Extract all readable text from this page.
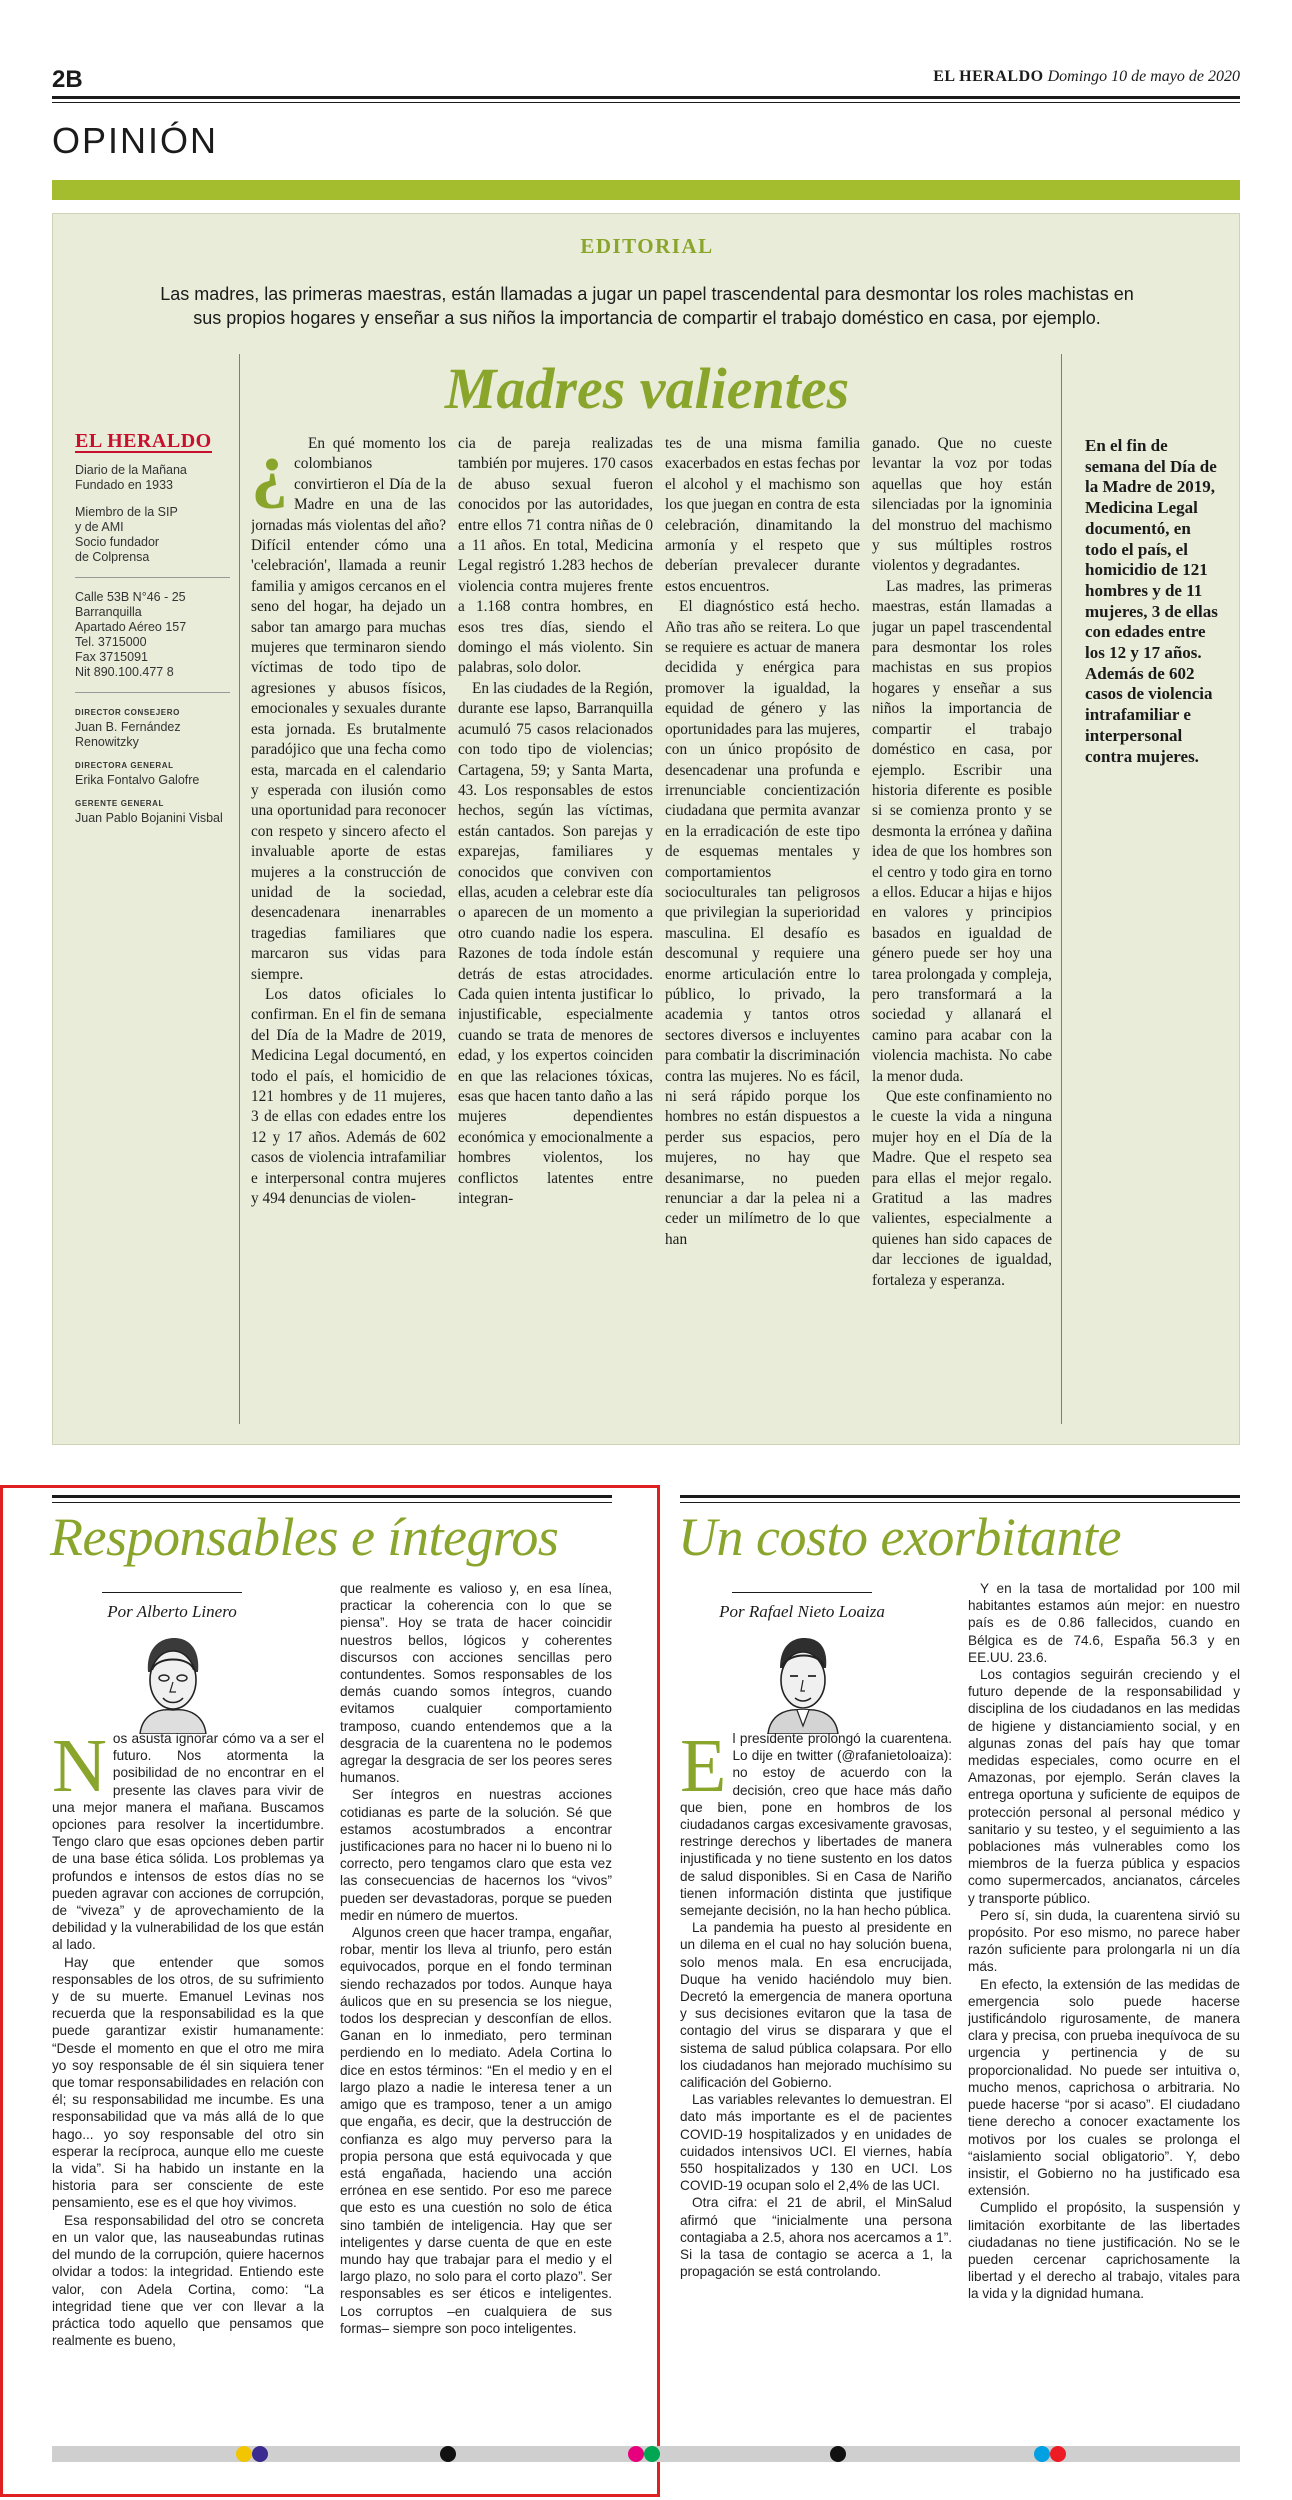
2B	EL HERALDO Domingo 10 de mayo de 2020
OPINIÓN
EDITORIAL
Las madres, las primeras maestras, están llamadas a jugar un papel trascendental para desmontar los roles machistas en sus propios hogares y enseñar a sus niños la importancia de compartir el trabajo doméstico en casa, por ejemplo.
Madres valientes
EL HERALDO
Diario de la Mañana
Fundado en 1933
Miembro de la SIP
y de AMI
Socio fundador
de Colprensa
Calle 53B N°46 - 25
Barranquilla
Apartado Aéreo 157
Tel. 3715000
Fax 3715091
Nit 890.100.477 8
DIRECTOR CONSEJERO
Juan B. Fernández
Renowitzky
DIRECTORA GENERAL
Erika Fontalvo Galofre
GERENTE GENERAL
Juan Pablo Bojanini Visbal
¿	En qué momento los colombianos convirtieron el Día de la Madre en una de las jornadas más violentas del año? Difícil entender cómo una 'celebración', llamada a reunir familia y amigos cercanos en el seno del hogar, ha dejado un sabor tan amargo para muchas mujeres que terminaron siendo víctimas de todo tipo de agresiones y abusos físicos, emocionales y sexuales durante esta jornada. Es brutalmente paradójico que una fecha como esta, marcada en el calendario y esperada con ilusión como una oportunidad para reconocer con respeto y sincero afecto el invaluable aporte de estas mujeres a la construcción de unidad de la sociedad, desencadenara inenarrables tragedias familiares que marcaron sus vidas para siempre.
Los datos oficiales lo confirman. En el fin de semana del Día de la Madre de 2019, Medicina Legal documentó, en todo el país, el homicidio de 121 hombres y de 11 mujeres, 3 de ellas con edades entre los 12 y 17 años. Además de 602 casos de violencia intrafamiliar e interpersonal contra mujeres y 494 denuncias de violen-
cia de pareja realizadas también por mujeres. 170 casos de abuso sexual fueron conocidos por las autoridades, entre ellos 71 contra niñas de 0 a 11 años. En total, Medicina Legal registró 1.283 hechos de violencia contra mujeres frente a 1.168 contra hombres, en esos tres días, siendo el domingo el más violento. Sin palabras, solo dolor.
En las ciudades de la Región, durante ese lapso, Barranquilla acumuló 75 casos relacionados con todo tipo de violencias; Cartagena, 59; y Santa Marta, 43. Los responsables de estos hechos, según las víctimas, están cantados. Son parejas y exparejas, familiares y conocidos que conviven con ellas, acuden a celebrar este día o aparecen de un momento a otro cuando nadie los espera. Razones de toda índole están detrás de estas atrocidades. Cada quien intenta justificar lo injustificable, especialmente cuando se trata de menores de edad, y los expertos coinciden en que las relaciones tóxicas, esas que hacen tanto daño a las mujeres dependientes económica y emocionalmente a hombres violentos, los conflictos latentes entre integran-
tes de una misma familia exacerbados en estas fechas por el alcohol y el machismo son los que juegan en contra de esta celebración, dinamitando la armonía y el respeto que deberían prevalecer durante estos encuentros.
El diagnóstico está hecho. Año tras año se reitera. Lo que se requiere es actuar de manera decidida y enérgica para promover la igualdad, la equidad de género y las oportunidades para las mujeres, con un único propósito de desencadenar una profunda e irrenunciable concientización ciudadana que permita avanzar en la erradicación de este tipo de esquemas mentales y comportamientos socioculturales tan peligrosos que privilegian la superioridad masculina. El desafío es descomunal y requiere una enorme articulación entre lo público, lo privado, la academia y tantos otros sectores diversos e incluyentes para combatir la discriminación contra las mujeres. No es fácil, ni será rápido porque los hombres no están dispuestos a perder sus espacios, pero mujeres, no hay que desanimarse, no pueden renunciar a dar la pelea ni a ceder un milímetro de lo que han
ganado. Que no cueste levantar la voz por todas aquellas que hoy están silenciadas por la ignominia del monstruo del machismo y sus múltiples rostros violentos y degradantes.
Las madres, las primeras maestras, están llamadas a jugar un papel trascendental para desmontar los roles machistas en sus propios hogares y enseñar a sus niños la importancia de compartir el trabajo doméstico en casa, por ejemplo. Escribir una historia diferente es posible si se comienza pronto y se desmonta la errónea y dañina idea de que los hombres son el centro y todo gira en torno a ellos. Educar a hijas e hijos en valores y principios basados en igualdad de género puede ser hoy una tarea prolongada y compleja, pero transformará a la sociedad y allanará el camino para acabar con la violencia machista. No cabe la menor duda.
Que este confinamiento no le cueste la vida a ninguna mujer hoy en el Día de la Madre. Que el respeto sea para ellas el mejor regalo. Gratitud a las madres valientes, especialmente a quienes han sido capaces de dar lecciones de igualdad, fortaleza y esperanza.
En el fin de semana del Día de la Madre de 2019, Medicina Legal documentó, en todo el país, el homicidio de 121 hombres y de 11 mujeres, 3 de ellas con edades entre los 12 y 17 años. Además de 602 casos de violencia intrafamiliar e interpersonal contra mujeres.
Responsables e íntegros
Por Alberto Linero
N os asusta ignorar cómo va a ser el futuro. Nos atormenta la posibilidad de no encontrar en el presente las claves para vivir de una mejor manera el mañana. Buscamos opciones para resolver la incertidumbre. Tengo claro que esas opciones deben partir de una base ética sólida. Los problemas ya profundos e intensos de estos días no se pueden agravar con acciones de corrupción, de “viveza” y de aprovechamiento de la debilidad y la vulnerabilidad de los que están al lado.
Hay que entender que somos responsables de los otros, de su sufrimiento y de su muerte. Emanuel Levinas nos recuerda que la responsabilidad es la que puede garantizar existir humanamente: “Desde el momento en que el otro me mira yo soy responsable de él sin siquiera tener que tomar responsabilidades en relación con él; su responsabilidad me incumbe. Es una responsabilidad que va más allá de lo que hago... yo soy responsable del otro sin esperar la recíproca, aunque ello me cueste la vida”. Si ha habido un instante en la historia para ser consciente de este pensamiento, ese es el que hoy vivimos.
Esa responsabilidad del otro se concreta en un valor que, las nauseabundas rutinas del mundo de la corrupción, quiere hacernos olvidar a todos: la integridad. Entiendo este valor, con Adela Cortina, como: “La integridad tiene que ver con llevar a la práctica todo aquello que pensamos que realmente es bueno,
que realmente es valioso y, en esa línea, practicar la coherencia con lo que se piensa”. Hoy se trata de hacer coincidir nuestros bellos, lógicos y coherentes discursos con acciones sencillas pero contundentes. Somos responsables de los demás cuando somos íntegros, cuando evitamos cualquier comportamiento tramposo, cuando entendemos que a la desgracia de la cuarentena no le podemos agregar la desgracia de ser los peores seres humanos.
Ser íntegros en nuestras acciones cotidianas es parte de la solución. Sé que estamos acostumbrados a encontrar justificaciones para no hacer ni lo bueno ni lo correcto, pero tengamos claro que esta vez las consecuencias de hacernos los “vivos” pueden ser devastadoras, porque se pueden medir en número de muertos.
Algunos creen que hacer trampa, engañar, robar, mentir los lleva al triunfo, pero están equivocados, porque en el fondo terminan siendo rechazados por todos. Aunque haya áulicos que en su presencia se los niegue, todos los desprecian y desconfían de ellos. Ganan en lo inmediato, pero terminan perdiendo en lo mediato. Adela Cortina lo dice en estos términos: “En el medio y en el largo plazo a nadie le interesa tener a un amigo que es tramposo, tener a un amigo que engaña, es decir, que la destrucción de confianza es algo muy perverso para la propia persona que está equivocada y que está engañada, haciendo una acción errónea en ese sentido. Por eso me parece que esto es una cuestión no solo de ética sino también de inteligencia. Hay que ser inteligentes y darse cuenta de que en este mundo hay que trabajar para el medio y el largo plazo, no solo para el corto plazo”. Ser responsables es ser éticos e inteligentes. Los corruptos –en cualquiera de sus formas– siempre son poco inteligentes.
Un costo exorbitante
Por Rafael Nieto Loaiza
E l presidente prolongó la cuarentena. Lo dije en twitter (@rafanietoloaiza): no estoy de acuerdo con la decisión, creo que hace más daño que bien, pone en hombros de los ciudadanos cargas excesivamente gravosas, restringe derechos y libertades de manera injustificada y no tiene sustento en los datos de salud disponibles. Si en Casa de Nariño tienen información distinta que justifique semejante decisión, no la han hecho pública.
La pandemia ha puesto al presidente en un dilema en el cual no hay solución buena, solo menos mala. En esa encrucijada, Duque ha venido haciéndolo muy bien. Decretó la emergencia de manera oportuna y sus decisiones evitaron que la tasa de contagio del virus se disparara y que el sistema de salud pública colapsara. Por ello los ciudadanos han mejorado muchísimo su calificación del Gobierno.
Las variables relevantes lo demuestran. El dato más importante es el de pacientes COVID-19 hospitalizados y en unidades de cuidados intensivos UCI. El viernes, había 550 hospitalizados y 130 en UCI. Los COVID-19 ocupan solo el 2,4% de las UCI.
Otra cifra: el 21 de abril, el MinSalud afirmó que “inicialmente una persona contagiaba a 2.5, ahora nos acercamos a 1”. Si la tasa de contagio se acerca a 1, la propagación se está controlando.
Y en la tasa de mortalidad por 100 mil habitantes estamos aún mejor: en nuestro país es de 0.86 fallecidos, cuando en Bélgica es de 74.6, España 56.3 y en EE.UU. 23.6.
Los contagios seguirán creciendo y el futuro depende de la responsabilidad y disciplina de los ciudadanos en las medidas de higiene y distanciamiento social, y en algunas zonas del país hay que tomar medidas especiales, como ocurre en el Amazonas, por ejemplo. Serán claves la entrega oportuna y suficiente de equipos de protección personal al personal médico y sanitario y su testeo, y el seguimiento a las poblaciones más vulnerables como los miembros de la fuerza pública y espacios como supermercados, ancianatos, cárceles y transporte público.
Pero sí, sin duda, la cuarentena sirvió su propósito. Por eso mismo, no parece haber razón suficiente para prolongarla ni un día más.
En efecto, la extensión de las medidas de emergencia solo puede hacerse justificándolo rigurosamente, de manera clara y precisa, con prueba inequívoca de su urgencia y pertinencia y de su proporcionalidad. No puede ser intuitiva o, mucho menos, caprichosa o arbitraria. No puede hacerse “por si acaso”. El ciudadano tiene derecho a conocer exactamente los motivos por los cuales se prolonga el “aislamiento social obligatorio”. Y, debo insistir, el Gobierno no ha justificado esa extensión.
Cumplido el propósito, la suspensión y limitación exorbitante de las libertades ciudadanas no tiene justificación. No se le pueden cercenar caprichosamente la libertad y el derecho al trabajo, vitales para la vida y la dignidad humana.
